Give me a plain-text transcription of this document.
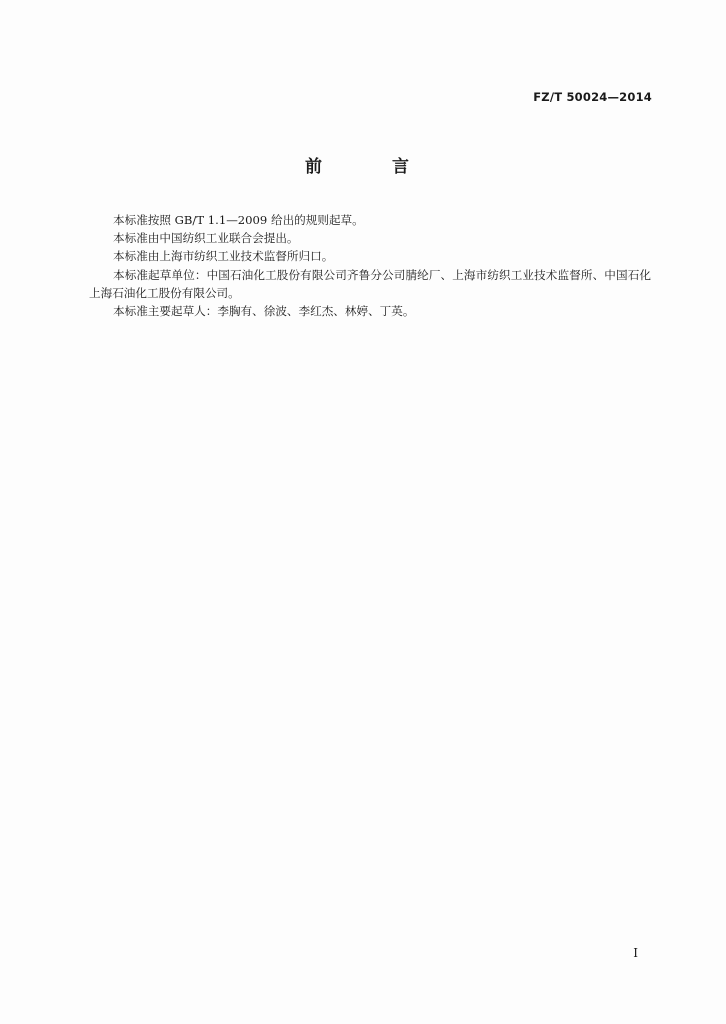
FZ/T 50024—2014
前 言

本标准按照 GB/T 1.1—2009 给出的规则起草。

本标准由中国纺织工业联合会提出。

本标准由上海市纺织工业技术监督所归口。

本标准起草单位：中国石油化工股份有限公司齐鲁分公司腈纶厂、上海市纺织工业技术监督所、中国石化上海石油化工股份有限公司。

本标准主要起草人：李胸有、徐波、李红杰、林婷、丁英。

I
